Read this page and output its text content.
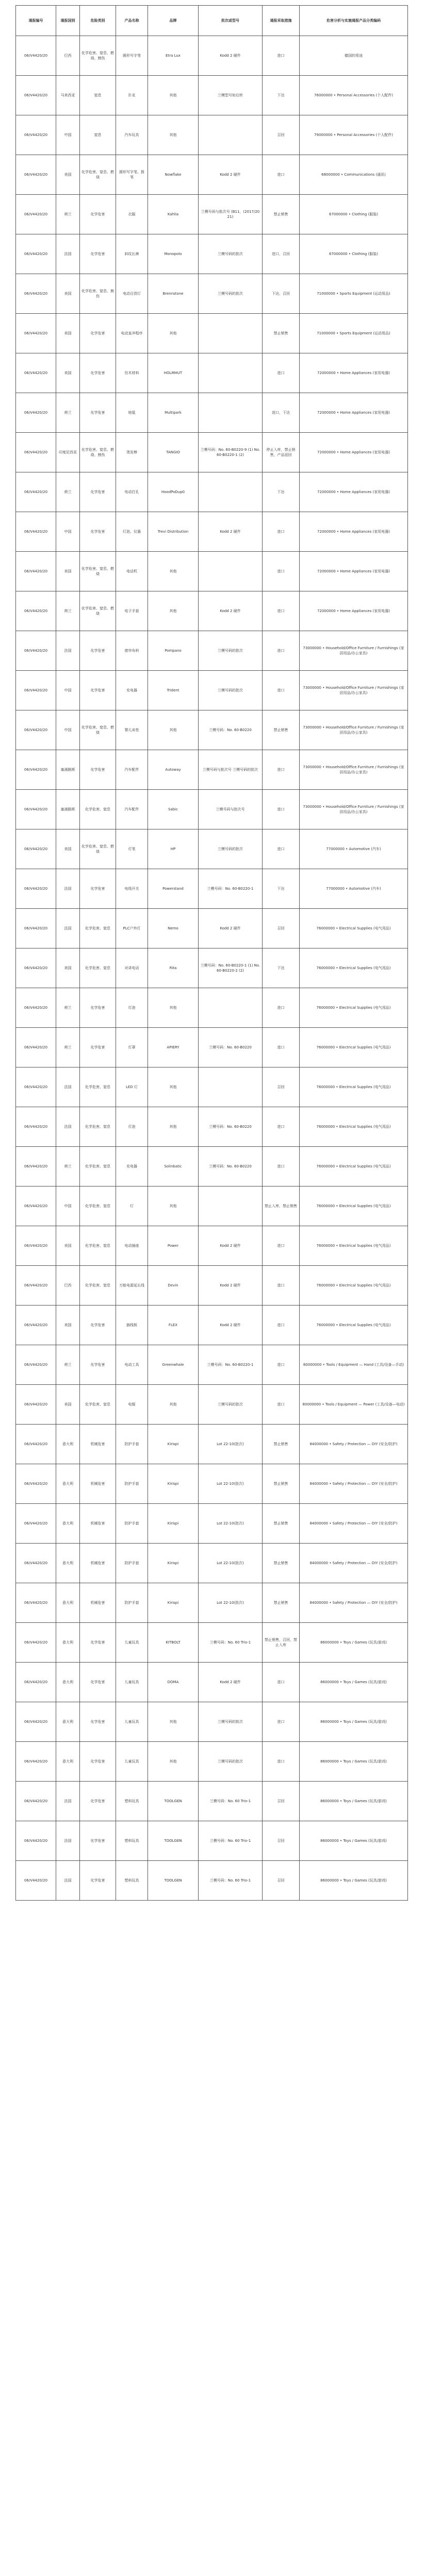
通报编号	通报国别	危险类别	产品名称	品牌	批次或型号	通报采取措施	危害分析与实施通报产品分类编码
06/V4420/20	巴西	化学危害、窒息、燃烧、割伤	圆形写字笔	Etra Lux	Kodd 2 硬件	进口	德国的用途
06/V4420/20	马来西亚	窒息	扑克	其他	兰模型号如后转	下达	76000000 • Personal Accessories (个人配件)
06/V4420/20	中国	窒息	汽车玩具	其他		召回	79000000 • Personal Accessories (个人配件)
06/V4420/20	美国	化学危害、窒息、燃烧	圆形写字笔、拨笔	Nowflake	Kodd 2 硬件	进口	68000000 • Communications (通讯)
06/V4420/20	荷兰	化学危害	衣服	Kahlia	兰模号码与批次号 (B11，(2017/2021)	禁止销售	67000000 • Clothing (服装)
06/V4420/20	法国	化学危害	斜纹长裤	Monopolo	兰模号码的批次	进口，召回	67000000 • Clothing (服装)
06/V4420/20	美国	化学危害、窒息、割伤	电动百货灯	Brennstone	兰模号码的批次	下达，召回	71000000 • Sports Equipment (运动用品)
06/V4420/20	美国	化学危害	电动直冲程序	其他		禁止销售	71000000 • Sports Equipment (运动用品)
06/V4420/20	美国	化学危害	仿木材料	HOLMHUT		进口	72000000 • Home Appliances (家用电器)
06/V4420/20	荷兰	化学危害	地毯	Multipark		进口，下达	72000000 • Home Appliances (家用电器)
06/V4420/20	印度尼西亚	化学危害、窒息、燃烧、割伤	烫发棒	TANGIO	兰模号码：No. 60-B0220-9 (1) No. 60-B0220-1 (2)	停止入库，禁止销售，产品返回	72000000 • Home Appliances (家用电器)
06/V4420/20	荷兰	化学危害	电动打孔	HoodPoDup0		下达	72000000 • Home Appliances (家用电器)
06/V4420/20	中国	化学危害	灯泡、仪器	Trevi Distribution	Kodd 2 硬件	进口	72000000 • Home Appliances (家用电器)
06/V4420/20	美国	化学危害、窒息、燃烧	电话机	其他		进口	72000000 • Home Appliances (家用电器)
06/V4420/20	荷兰	化学危害、窒息、燃烧	电子手套	其他	Kodd 2 硬件	进口	72000000 • Home Appliances (家用电器)
06/V4420/20	法国	化学危害	窗帘布料	Pompano	兰模号码的批次	进口	73000000 • Household/Office Furniture / Furnishings (家居用品/办公家具)
06/V4420/20	中国	化学危害	充电器	Trident	兰模号码的批次	进口	73000000 • Household/Office Furniture / Furnishings (家居用品/办公家具)
06/V4420/20	中国	化学危害、窒息、燃烧	婴儿床垫	其他	兰模号码：No. 60-B0220	禁止销售	73000000 • Household/Office Furniture / Furnishings (家居用品/办公家具)
06/V4420/20	塞浦路斯	化学危害	汽车配件	Autoway	兰模号码与批次号 兰模号码的批次	进口	73000000 • Household/Office Furniture / Furnishings (家居用品/办公家具)
06/V4420/20	塞浦路斯	化学危害、窒息	汽车配件	Sabic	兰模号码与批次号	进口	73000000 • Household/Office Furniture / Furnishings (家居用品/办公家具)
06/V4420/20	美国	化学危害、窒息、燃烧	灯笔	HP	兰模号码的批次	进口	77000000 • Automotive (汽车)
06/V4420/20	法国	化学危害	电线开关	Powerstand	兰模号码：No. 60-B0220-1	下达	77000000 • Automotive (汽车)
06/V4420/20	法国	化学危害、窒息	PLC户外灯	Nemo	Kodd 2 硬件	召回	76000000 • Electrical Supplies (电气用品)
06/V4420/20	美国	化学危害、窒息	对讲电话	Rita	兰模号码：No. 60-B0220-1 (1) No. 60-B0220-2 (2)	下达	76000000 • Electrical Supplies (电气用品)
06/V4420/20	荷兰	化学危害	灯泡	其他		进口	76000000 • Electrical Supplies (电气用品)
06/V4420/20	荷兰	化学危害	灯罩	APIERY	兰模号码：No. 60-B0220	进口	76000000 • Electrical Supplies (电气用品)
06/V4420/20	法国	化学危害、窒息	LED 灯	其他		召回	76000000 • Electrical Supplies (电气用品)
06/V4420/20	法国	化学危害、窒息	灯泡	其他	兰模号码：No. 60-B0220	进口	76000000 • Electrical Supplies (电气用品)
06/V4420/20	荷兰	化学危害、窒息	充电器	Solinbatic	兰模号码：No. 60-B0220	进口	76000000 • Electrical Supplies (电气用品)
06/V4420/20	中国	化学危害、窒息	灯	其他		禁止入库，禁止销售	76000000 • Electrical Supplies (电气用品)
06/V4420/20	美国	化学危害、窒息	电动插座	Power	Kodd 2 硬件	进口	76000000 • Electrical Supplies (电气用品)
06/V4420/20	巴西	化学危害、窒息	万能电源延长线	Devin	Kodd 2 硬件	进口	76000000 • Electrical Supplies (电气用品)
06/V4420/20	美国	化学危害	插线板	FLEX	Kodd 2 硬件	进口	76000000 • Electrical Supplies (电气用品)
06/V4420/20	荷兰	化学危害	电动工具	Greenwhale	兰模号码：No. 60-B0220-1	进口	80000000 • Tools / Equipment — Hand (工具/设备—手动)
06/V4420/20	美国	化学危害、窒息	电锯	其他	兰模号码的批次	进口	80000000 • Tools / Equipment — Power (工具/设备—电动)
06/V4420/20	意大利	机械危害	防护手套	Kirispi	Lot 22-10(批次)	禁止销售	84000000 • Safety / Protection — DIY (安全/防护)
06/V4420/20	意大利	机械危害	防护手套	Kirispi	Lot 22-10(批次)	禁止销售	84000000 • Safety / Protection — DIY (安全/防护)
06/V4420/20	意大利	机械危害	防护手套	Kirispi	Lot 22-10(批次)	禁止销售	84000000 • Safety / Protection — DIY (安全/防护)
06/V4420/20	意大利	机械危害	防护手套	Kirispi	Lot 22-10(批次)	禁止销售	84000000 • Safety / Protection — DIY (安全/防护)
06/V4420/20	意大利	机械危害	防护手套	Kirispi	Lot 22-10(批次)	禁止销售	84000000 • Safety / Protection — DIY (安全/防护)
06/V4420/20	意大利	化学危害	儿童玩具	KITBOLT	兰模号码：No. 60 Trio-1	禁止销售，召回，禁止入库	86000000 • Toys / Games (玩具/游戏)
06/V4420/20	意大利	化学危害	儿童玩具	DOMA	Kodd 2 硬件	进口	86000000 • Toys / Games (玩具/游戏)
06/V4420/20	意大利	化学危害	儿童玩具	其他	兰模号码的批次	进口	86000000 • Toys / Games (玩具/游戏)
06/V4420/20	意大利	化学危害	儿童玩具	其他	兰模号码的批次	进口	86000000 • Toys / Games (玩具/游戏)
06/V4420/20	法国	化学危害	塑料玩具	TOOLGEN	兰模号码：No. 60 Trio-1	召回	86000000 • Toys / Games (玩具/游戏)
06/V4420/20	法国	化学危害	塑料玩具	TOOLGEN	兰模号码：No. 60 Trio-1	召回	86000000 • Toys / Games (玩具/游戏)
06/V4420/20	法国	化学危害	塑料玩具	TOOLGEN	兰模号码：No. 60 Trio-1	召回	86000000 • Toys / Games (玩具/游戏)
